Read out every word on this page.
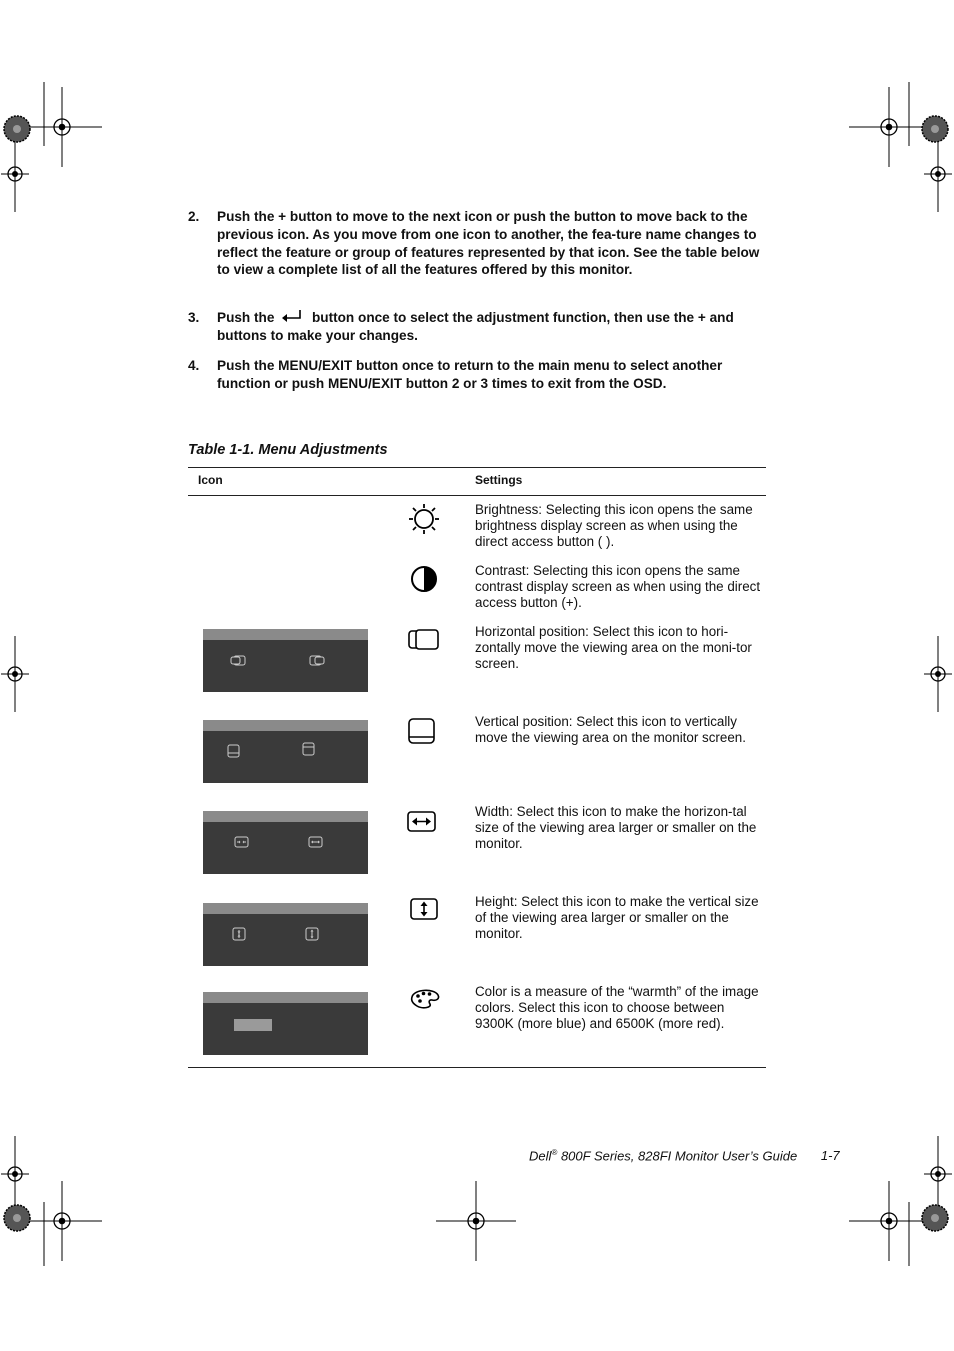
2. Push the + button to move to the next icon or push the button to move back to the previous icon. As you move from one icon to another, the fea-ture name changes to reflect the feature or group of features represented by that icon. See the table below to view a complete list of all the features offered by this monitor.
3. Push the	button once to select the adjustment function, then use the + and buttons to make your changes.
4. Push the MENU/EXIT button once to return to the main menu to select another function or push MENU/EXIT button 2 or 3 times to exit from the OSD.
Table 1-1. Menu Adjustments
Icon	Settings
Brightness: Selecting this icon opens the same brightness display screen as when using the direct access button ( ).
Contrast: Selecting this icon opens the same contrast display screen as when using the direct access button (+).
Horizontal position: Select this icon to hori-zontally move the viewing area on the moni-tor screen.
Vertical position: Select this icon to vertically move the viewing area on the monitor screen.
Width: Select this icon to make the horizon-tal size of the viewing area larger or smaller on the monitor.
Height: Select this icon to make the vertical size of the viewing area larger or smaller on the monitor.
Color is a measure of the “warmth” of the image colors. Select this icon to choose between 9300K (more blue) and 6500K (more red).
Dell® 800F Series, 828FI Monitor User’s Guide 1-7
